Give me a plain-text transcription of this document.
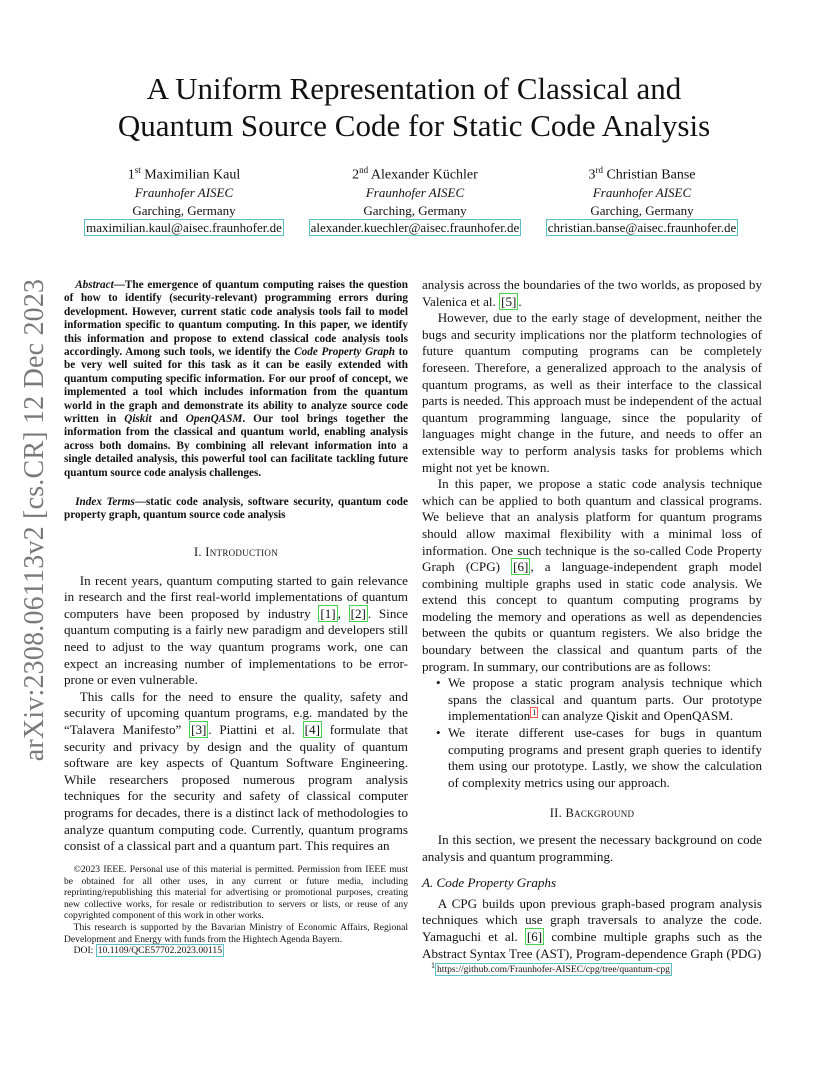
arXiv:2308.06113v2 [cs.CR] 12 Dec 2023
A Uniform Representation of Classical and
Quantum Source Code for Static Code Analysis
1st Maximilian Kaul
Fraunhofer AISEC
Garching, Germany
maximilian.kaul@aisec.fraunhofer.de
2nd Alexander Küchler
Fraunhofer AISEC
Garching, Germany
alexander.kuechler@aisec.fraunhofer.de
3rd Christian Banse
Fraunhofer AISEC
Garching, Germany
christian.banse@aisec.fraunhofer.de

Abstract—The emergence of quantum computing raises the question of how to identify (security-relevant) programming errors during development. However, current static code analysis tools fail to model information specific to quantum computing. In this paper, we identify this information and propose to extend classical code analysis tools accordingly. Among such tools, we identify the Code Property Graph to be very well suited for this task as it can be easily extended with quantum computing specific information. For our proof of concept, we implemented a tool which includes information from the quantum world in the graph and demonstrate its ability to analyze source code written in Qiskit and OpenQASM. Our tool brings together the information from the classical and quantum world, enabling analysis across both domains. By combining all relevant information into a single detailed analysis, this powerful tool can facilitate tackling future quantum source code analysis challenges.

Index Terms—static code analysis, software security, quantum code property graph, quantum source code analysis
I. Introduction

In recent years, quantum computing started to gain relevance in research and the first real-world implementations of quantum computers have been proposed by industry [1] , [2] . Since quantum computing is a fairly new paradigm and developers still need to adjust to the way quantum programs work, one can expect an increasing number of implementations to be error-prone or even vulnerable.

This calls for the need to ensure the quality, safety and security of upcoming quantum programs, e.g. mandated by the “Talavera Manifesto” [3] . Piattini et al. [4] formulate that security and privacy by design and the quality of quantum software are key aspects of Quantum Software Engineering. While researchers proposed numerous program analysis techniques for the security and safety of classical computer programs for decades, there is a distinct lack of methodologies to analyze quantum computing code. Currently, quantum programs consist of a classical part and a quantum part. This requires an

©2023 IEEE. Personal use of this material is permitted. Permission from IEEE must be obtained for all other uses, in any current or future media, including reprinting/republishing this material for advertising or promotional purposes, creating new collective works, for resale or redistribution to servers or lists, or reuse of any copyrighted component of this work in other works.

This research is supported by the Bavarian Ministry of Economic Affairs, Regional Development and Energy with funds from the Hightech Agenda Bayern.

DOI: 10.1109/QCE57702.2023.00115

analysis across the boundaries of the two worlds, as proposed by Valenica et al. [5] .

However, due to the early stage of development, neither the bugs and security implications nor the platform technologies of future quantum computing programs can be completely foreseen. Therefore, a generalized approach to the analysis of quantum programs, as well as their interface to the classical parts is needed. This approach must be independent of the actual quantum programming language, since the popularity of languages might change in the future, and needs to offer an extensible way to perform analysis tasks for problems which might not yet be known.

In this paper, we propose a static code analysis technique which can be applied to both quantum and classical programs. We believe that an analysis platform for quantum programs should allow maximal flexibility with a minimal loss of information. One such technique is the so-called Code Property Graph (CPG) [6] , a language-independent graph model combining multiple graphs used in static code analysis. We extend this concept to quantum computing programs by modeling the memory and operations as well as dependencies between the qubits or quantum registers. We also bridge the boundary between the classical and quantum parts of the program. In summary, our contributions are as follows:

• We propose a static program analysis technique which spans the classical and quantum parts. Our prototype implementation $^1$ can analyze Qiskit and OpenQASM.
• We iterate different use-cases for bugs in quantum computing programs and present graph queries to identify them using our prototype. Lastly, we show the calculation of complexity metrics using our approach.
II. Background

In this section, we present the necessary background on code analysis and quantum programming.

A. Code Property Graphs

A CPG builds upon previous graph-based program analysis techniques which use graph traversals to analyze the code. Yamaguchi et al. [6] combine multiple graphs such as the Abstract Syntax Tree (AST), Program-dependence Graph (PDG)

$^1$ https://github.com/Fraunhofer-AISEC/cpg/tree/quantum-cpg
